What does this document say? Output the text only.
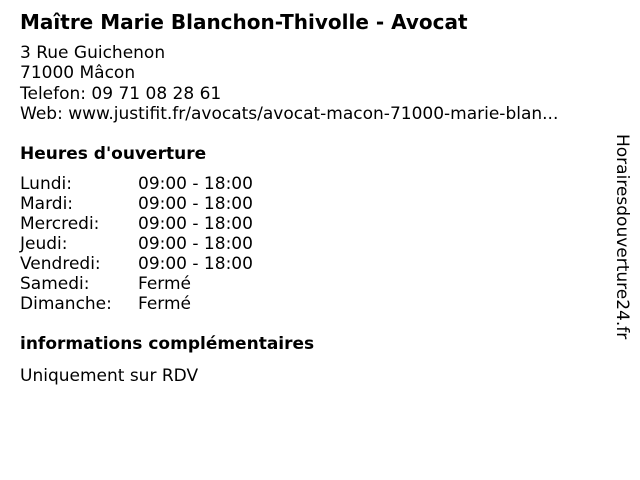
Maître Marie Blanchon-Thivolle - Avocat
3 Rue Guichenon
71000 Mâcon
Telefon: 09 71 08 28 61
Web: www.justifit.fr/avocats/avocat-macon-71000-marie-blan...
Heures d'ouverture
Lundi:	09:00 - 18:00
Mardi:	09:00 - 18:00
Mercredi: 09:00 - 18:00
Jeudi:	09:00 - 18:00
Vendredi: 09:00 - 18:00
Samedi:	Fermé
Dimanche: Fermé
informations complémentaires
Uniquement sur RDV
Horairesdouverture24.fr
